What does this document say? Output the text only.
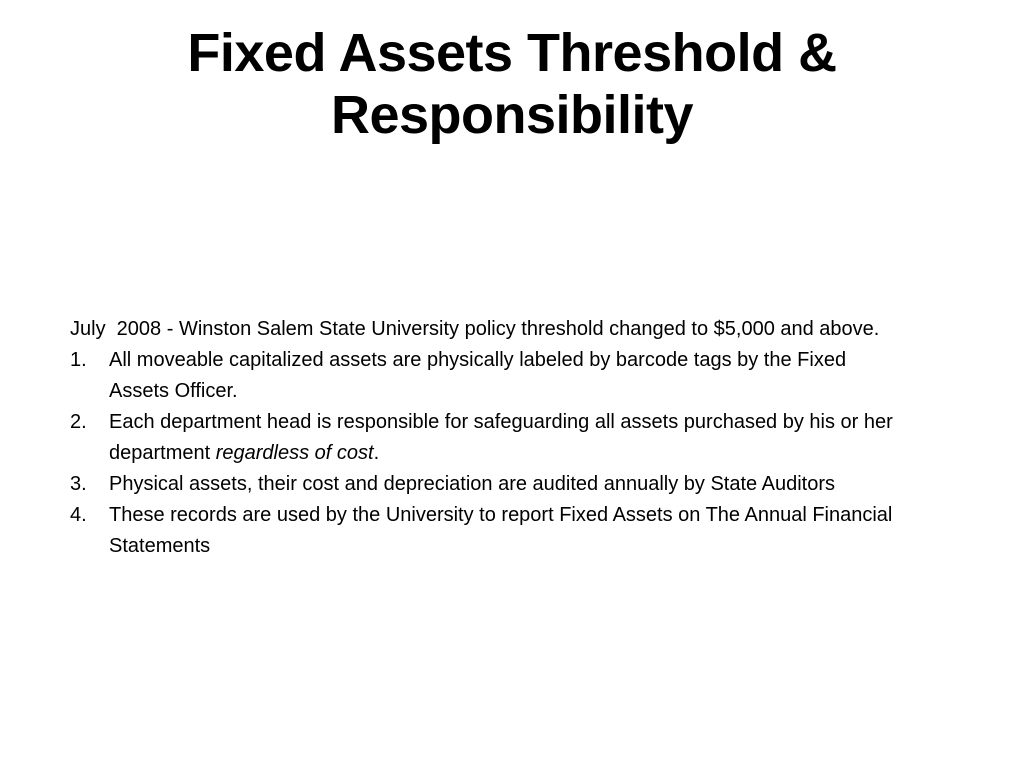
Fixed Assets Threshold &
Responsibility

July  2008 - Winston Salem State University policy threshold changed to $5,000 and above.

1. All moveable capitalized assets are physically labeled by barcode tags by the Fixed Assets Officer.
2. Each department head is responsible for safeguarding all assets purchased by his or her department regardless of cost.
3. Physical assets, their cost and depreciation are audited annually by State Auditors
4. These records are used by the University to report Fixed Assets on The Annual Financial Statements
